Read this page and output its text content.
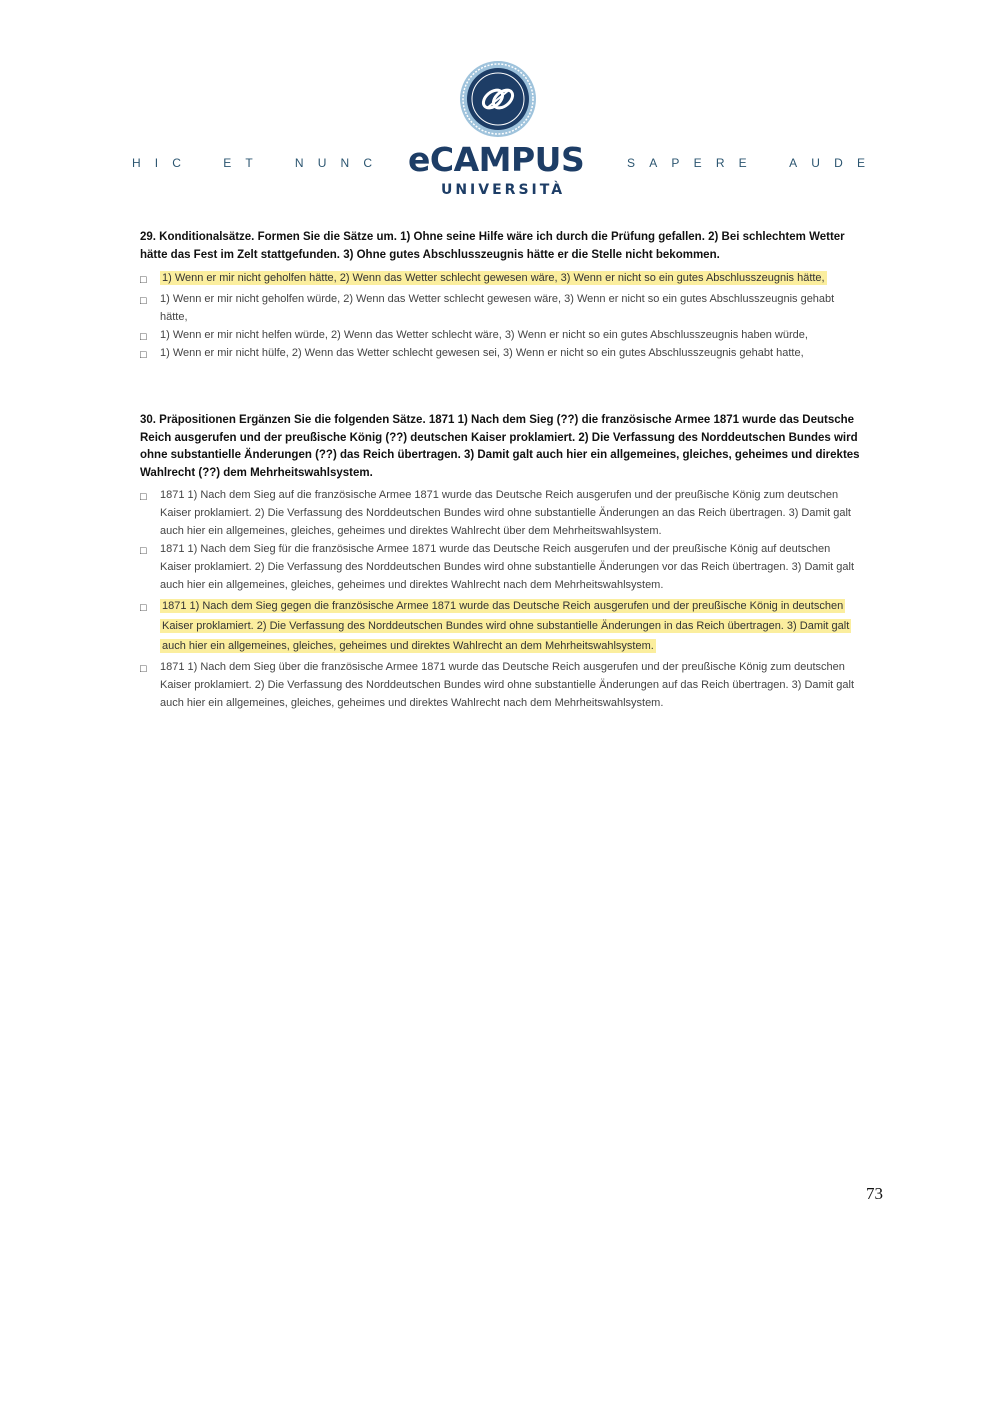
H I C	E T	N U N C eCAMPUS
UNIVERSITÀ
S A P E R E	A U D E

29. Konditionalsätze. Formen Sie die Sätze um. 1) Ohne seine Hilfe wäre ich durch die Prüfung gefallen. 2) Bei schlechtem Wetter hätte das Fest im Zelt stattgefunden. 3) Ohne gutes Abschlusszeugnis hätte er die Stelle nicht bekommen.

□ 1) Wenn er mir nicht geholfen hätte, 2) Wenn das Wetter schlecht gewesen wäre, 3) Wenn er nicht so ein gutes Abschlusszeugnis hätte,
□ 1) Wenn er mir nicht geholfen würde, 2) Wenn das Wetter schlecht gewesen wäre, 3) Wenn er nicht so ein gutes Abschlusszeugnis gehabt hätte,
□ 1) Wenn er mir nicht helfen würde, 2) Wenn das Wetter schlecht wäre, 3) Wenn er nicht so ein gutes Abschlusszeugnis haben würde,
□ 1) Wenn er mir nicht hülfe, 2) Wenn das Wetter schlecht gewesen sei, 3) Wenn er nicht so ein gutes Abschlusszeugnis gehabt hatte,

30. Präpositionen Ergänzen Sie die folgenden Sätze. 1871 1) Nach dem Sieg (??) die französische Armee 1871 wurde das Deutsche Reich ausgerufen und der preußische König (??) deutschen Kaiser proklamiert. 2) Die Verfassung des Norddeutschen Bundes wird ohne substantielle Änderungen (??) das Reich übertragen. 3) Damit galt auch hier ein allgemeines, gleiches, geheimes und direktes Wahlrecht (??) dem Mehrheitswahlsystem.

□ 1871 1) Nach dem Sieg auf die französische Armee 1871 wurde das Deutsche Reich ausgerufen und der preußische König zum deutschen Kaiser proklamiert. 2) Die Verfassung des Norddeutschen Bundes wird ohne substantielle Änderungen an das Reich übertragen. 3) Damit galt auch hier ein allgemeines, gleiches, geheimes und direktes Wahlrecht über dem Mehrheitswahlsystem.
□ 1871 1) Nach dem Sieg für die französische Armee 1871 wurde das Deutsche Reich ausgerufen und der preußische König auf deutschen Kaiser proklamiert. 2) Die Verfassung des Norddeutschen Bundes wird ohne substantielle Änderungen vor das Reich übertragen. 3) Damit galt auch hier ein allgemeines, gleiches, geheimes und direktes Wahlrecht nach dem Mehrheitswahlsystem.
□ 1871 1) Nach dem Sieg gegen die französische Armee 1871 wurde das Deutsche Reich ausgerufen und der preußische König in deutschen Kaiser proklamiert. 2) Die Verfassung des Norddeutschen Bundes wird ohne substantielle Änderungen in das Reich übertragen. 3) Damit galt auch hier ein allgemeines, gleiches, geheimes und direktes Wahlrecht an dem Mehrheitswahlsystem.
□ 1871 1) Nach dem Sieg über die französische Armee 1871 wurde das Deutsche Reich ausgerufen und der preußische König zum deutschen Kaiser proklamiert. 2) Die Verfassung des Norddeutschen Bundes wird ohne substantielle Änderungen auf das Reich übertragen. 3) Damit galt auch hier ein allgemeines, gleiches, geheimes und direktes Wahlrecht nach dem Mehrheitswahlsystem.
73
